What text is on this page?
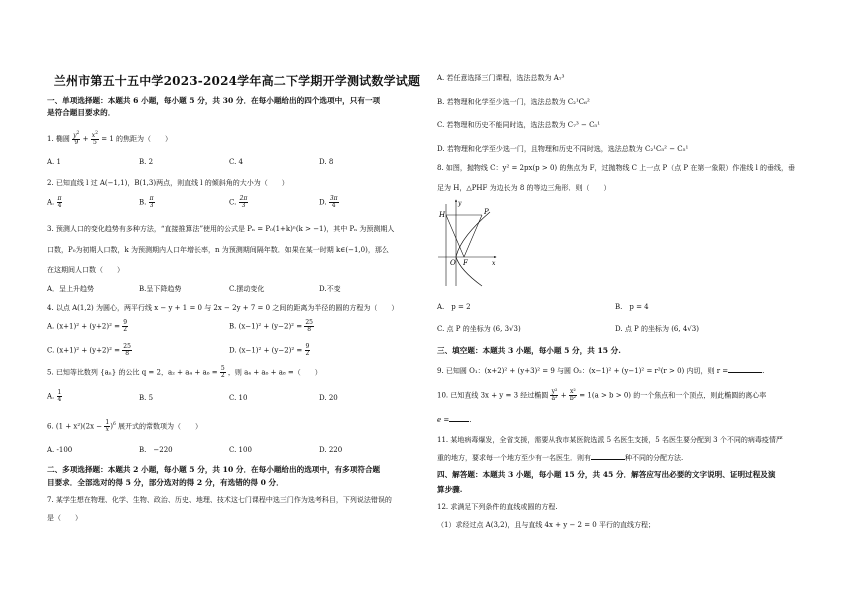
兰州市第五十五中学2023-2024学年高二下学期开学测试数学试题
一、单项选择题：本题共 6 小题，每小题 5 分，共 30 分．在每小题给出的四个选项中，只有一项
是符合题目要求的．
1. 椭圆 $\frac{y^2}{9} + \frac{x^2}{5} = 1$ 的焦距为（　　）
A. 1	B. 2	C. 4	D. 8
2. 已知直线 l 过 A(−1,1)，B(1,3)两点，则直线 l 的倾斜角的大小为（　　）
A. $\frac{\pi}{4}$	B. $\frac{\pi}{3}$	C. $\frac{2\pi}{3}$	D. $\frac{3\pi}{4}$
3. 预测人口的变化趋势有多种方法，“直接推算法”使用的公式是 Pₙ = P₀(1+k)ⁿ(k > −1)，其中 Pₙ 为预测期人
口数，P₀为初期人口数，k 为预测期内人口年增长率，n 为预测期间隔年数．如果在某一时期 k∈(−1,0)，那么
在这期间人口数（　　）
A．呈上升趋势	B.呈下降趋势	C.摆动变化	D.不变
4. 以点 A(1,2) 为圆心，两平行线 x − y + 1 = 0 与 2x − 2y + 7 = 0 之间的距离为半径的圆的方程为（　　）
A. $(x+1)^2 + (y+2)^2 = \frac{9}{2}$	B. $(x-1)^2 + (y-2)^2 = \frac{25}{8}$
C. $(x+1)^2 + (y+2)^2 = \frac{25}{8}$	D. $(x-1)^2 + (y-2)^2 = \frac{9}{2}$
5. 已知等比数列 {aₙ} 的公比 q = 2，$a_2 + a_4 + a_6 = \frac{5}{2}$ ，则 a₄ + a₆ + a₈ =（　　）
A. $\frac{1}{4}$	B. 5	C. 10	D. 20
6. $(1 + x^2)(2x - \frac{1}{x} )^6$ 展开式的常数项为（　　）
A. -100	B.　−220	C. 100	D. 220
二、多项选择题：本题共 2 小题，每小题 5 分，共 10 分．在每小题给出的选项中，有多项符合题
目要求．全部选对的得 5 分，部分选对的得 2 分，有选错的得 0 分．
7. 某学生想在物理、化学、生物、政治、历史、地理、技术这七门课程中选三门作为选考科目，下列说法错误的
是（　　）
A. 若任意选择三门课程，选法总数为 A₇³
B. 若物理和化学至少选一门，选法总数为 C₂¹C₆²
C. 若物理和历史不能同时选，选法总数为 C₇³ − C₅¹
D. 若物理和化学至少选一门，且物理和历史不同时选，选法总数为 C₂¹C₅² − C₅¹
8. 如图，抛物线 C：y² = 2px(p > 0) 的焦点为 F，过抛物线 C 上一点 P（点 P 在第一象限）作准线 l 的垂线，垂
足为 H，△PHF 为边长为 8 的等边三角形．则（　　）
A.　p = 2	B.　p = 4
C. 点 P 的坐标为 (6, 3√3)	D. 点 P 的坐标为 (6, 4√3)
三、填空题：本题共 3 小题，每小题 5 分，共 15 分.
9. 已知圆 O₁：(x+2)² + (y+3)² = 9 与圆 O₂：(x−1)² + (y−1)² = r²(r > 0) 内切，则 r =	.
10. 已知直线 3x + y = 3 经过椭圆 $\frac{\text{y²}}{\text{a²}} + \frac{\text{x²}}{\text{b²}} = 1(a > b > 0)$ 的一个焦点和一个顶点，则此椭圆的离心率
e =	.
11. 某地病毒爆发，全省支援，需要从我市某医院选派 5 名医生支援，5 名医生要分配到 3 个不同的病毒疫情严
重的地方，要求每一个地方至少有一名医生．则有	种不同的分配方法.
四、解答题：本题共 3 小题，每小题 15 分，共 45 分．解答应写出必要的文字说明、证明过程及演
算步骤.
12. 求满足下列条件的直线或圆的方程.
（1）求经过点 A(3,2)，且与直线 4x + y − 2 = 0 平行的直线方程；
H	P
O F	x
y
